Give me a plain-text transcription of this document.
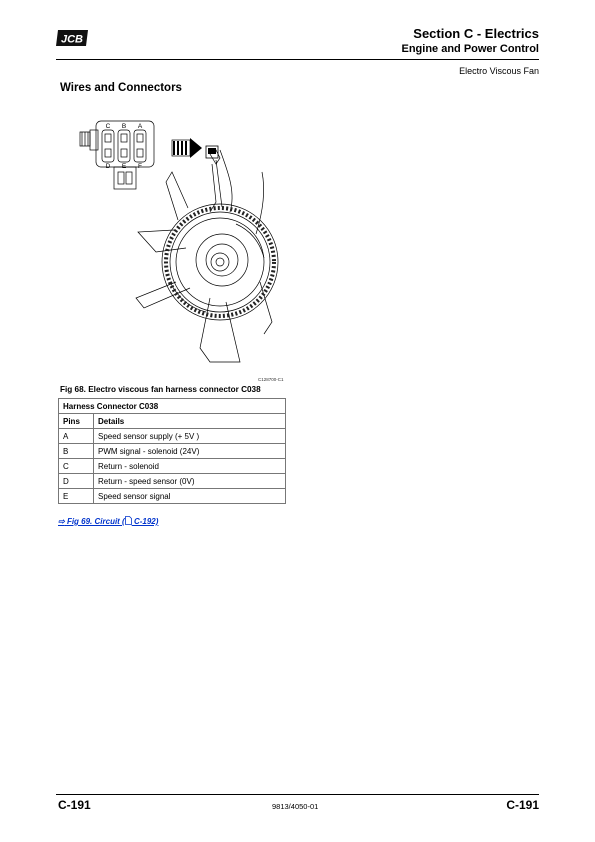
JCB	Section C - Electrics
Engine and Power Control
Electro Viscous Fan
Wires and Connectors
C B A
D E F
C128700-C1
Fig 68. Electro viscous fan harness connector C038
Harness Connector C038	
Pins	Details
A	Speed sensor supply (+ 5V )
B	PWM signal - solenoid (24V)
C	Return - solenoid
D	Return - speed sensor (0V)
E	Speed sensor signal
⇨ Fig 69. Circuit ( C-192)
C-191	9813/4050-01	C-191
